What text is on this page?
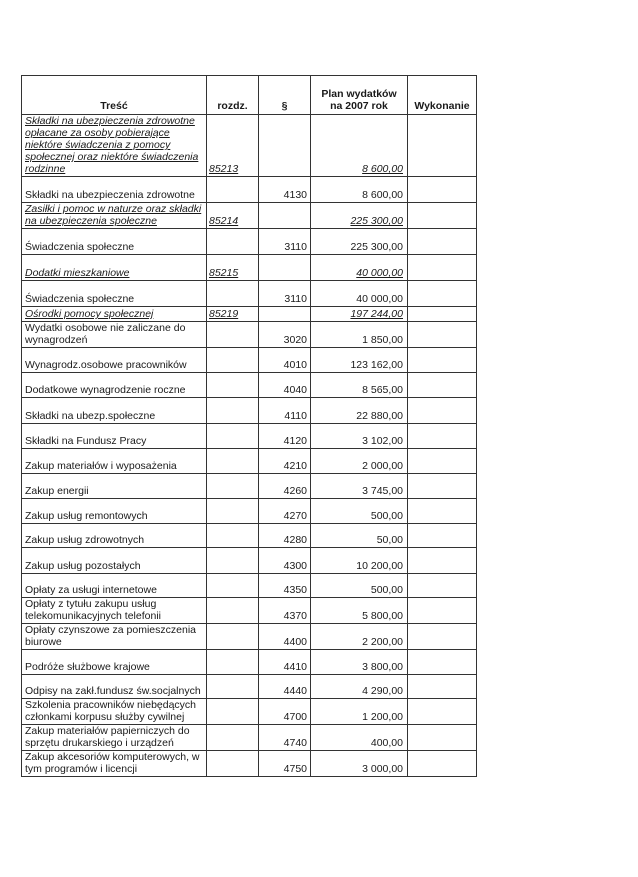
Treść	rozdz.	§	Plan wydatków na 2007 rok	Wykonanie
Składki na ubezpieczenia zdrowotne opłacane za osoby pobierające niektóre świadczenia z pomocy społecznej oraz niektóre świadczenia rodzinne	85213		8 600,00	
Składki na ubezpieczenia zdrowotne		4130	8 600,00	
Zasiłki i pomoc w naturze oraz składki na ubezpieczenia społeczne	85214		225 300,00	
Świadczenia społeczne		3110	225 300,00	
Dodatki mieszkaniowe	85215		40 000,00	
Świadczenia społeczne		3110	40 000,00	
Ośrodki pomocy społecznej	85219		197 244,00	
Wydatki osobowe nie zaliczane do wynagrodzeń		3020	1 850,00	
Wynagrodz.osobowe pracowników		4010	123 162,00	
Dodatkowe wynagrodzenie roczne		4040	8 565,00	
Składki na ubezp.społeczne		4110	22 880,00	
Składki na Fundusz Pracy		4120	3 102,00	
Zakup materiałów i wyposażenia		4210	2 000,00	
Zakup energii		4260	3 745,00	
Zakup usług remontowych		4270	500,00	
Zakup usług zdrowotnych		4280	50,00	
Zakup usług pozostałych		4300	10 200,00	
Opłaty za usługi internetowe		4350	500,00	
Opłaty z tytułu zakupu usług telekomunikacyjnych telefonii		4370	5 800,00	
Opłaty czynszowe za pomieszczenia biurowe		4400	2 200,00	
Podróże służbowe krajowe		4410	3 800,00	
Odpisy na zakł.fundusz św.socjalnych		4440	4 290,00	
Szkolenia pracowników niebędących członkami korpusu służby cywilnej		4700	1 200,00	
Zakup materiałów papierniczych do sprzętu drukarskiego i urządzeń		4740	400,00	
Zakup akcesoriów komputerowych, w tym programów i licencji		4750	3 000,00	
